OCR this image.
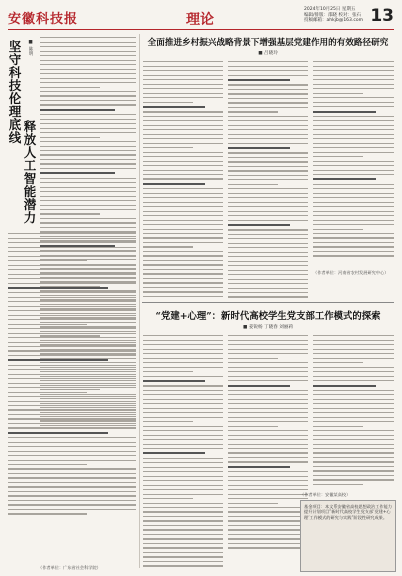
安徽科技报	理论
2024年10月25日 星期五
编辑/排版：邵晓 校对：张石
投稿邮箱：ahkjb@163.com 13
坚守科技伦理底线
释放人工智能潜力
■ 陈明
（作者单位：广东省社会科学院）
全面推进乡村振兴战略背景下增强基层党建作用的有效路径研究
■ 吕晓玲
（作者单位：河南省农村发展研究中心）
“党建+心理”：新时代高校学生党支部工作模式的探索
■ 姜锐杨 丁晓春 刘丽莉
基金项目：本文系安徽省高校思想政治工作能力提升计划项目“新时代高校学生党支部‘党建+心理’工作模式的研究与实践”阶段性研究成果。
（作者单位：安徽某高校）
